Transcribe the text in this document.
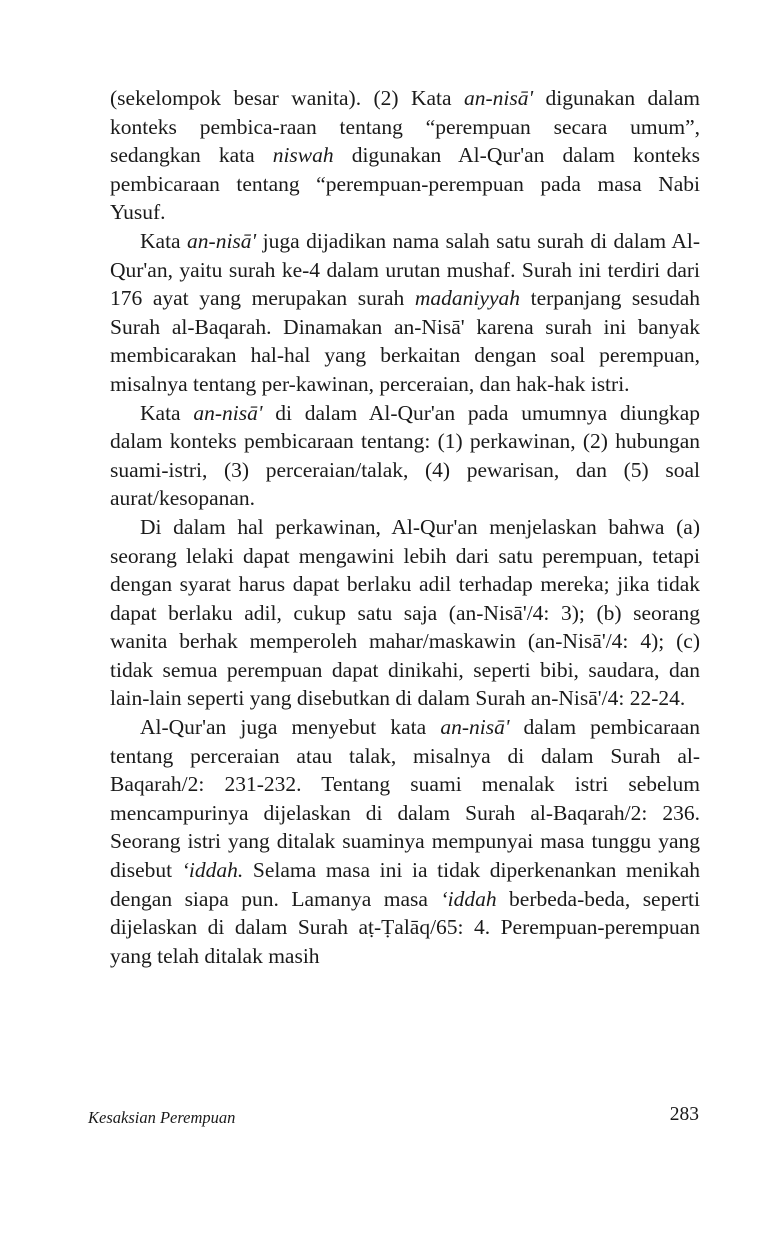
(sekelompok besar wanita). (2) Kata an-nisā' digunakan dalam konteks pembica-raan tentang “perempuan secara umum”, sedangkan kata niswah digunakan Al-Qur'an dalam konteks pembicaraan tentang “perempuan-perempuan pada masa Nabi Yusuf.

Kata an-nisā' juga dijadikan nama salah satu surah di dalam Al-Qur'an, yaitu surah ke-4 dalam urutan mushaf. Surah ini terdiri dari 176 ayat yang merupakan surah madaniyyah terpanjang sesudah Surah al-Baqarah. Dinamakan an-Nisā' karena surah ini banyak membicarakan hal-hal yang berkaitan dengan soal perempuan, misalnya tentang per-kawinan, perceraian, dan hak-hak istri.

Kata an-nisā' di dalam Al-Qur'an pada umumnya diungkap dalam konteks pembicaraan tentang: (1) perkawinan, (2) hubungan suami-istri, (3) perceraian/talak, (4) pewarisan, dan (5) soal aurat/kesopanan.

Di dalam hal perkawinan, Al-Qur'an menjelaskan bahwa (a) seorang lelaki dapat mengawini lebih dari satu perempuan, tetapi dengan syarat harus dapat berlaku adil terhadap mereka; jika tidak dapat berlaku adil, cukup satu saja (an-Nisā'/4: 3); (b) seorang wanita berhak memperoleh mahar/maskawin (an-Nisā'/4: 4); (c) tidak semua perempuan dapat dinikahi, seperti bibi, saudara, dan lain-lain seperti yang disebutkan di dalam Surah an-Nisā'/4: 22-24.

Al-Qur'an juga menyebut kata an-nisā' dalam pembicaraan tentang perceraian atau talak, misalnya di dalam Surah al-Baqarah/2: 231-232. Tentang suami menalak istri sebelum mencampurinya dijelaskan di dalam Surah al-Baqarah/2: 236. Seorang istri yang ditalak suaminya mempunyai masa tunggu yang disebut ‘iddah. Selama masa ini ia tidak diperkenankan menikah dengan siapa pun. Lamanya masa ‘iddah berbeda-beda, seperti dijelaskan di dalam Surah aṭ-Ṭalāq/65: 4. Perempuan-perempuan yang telah ditalak masih

Kesaksian Perempuan	283
